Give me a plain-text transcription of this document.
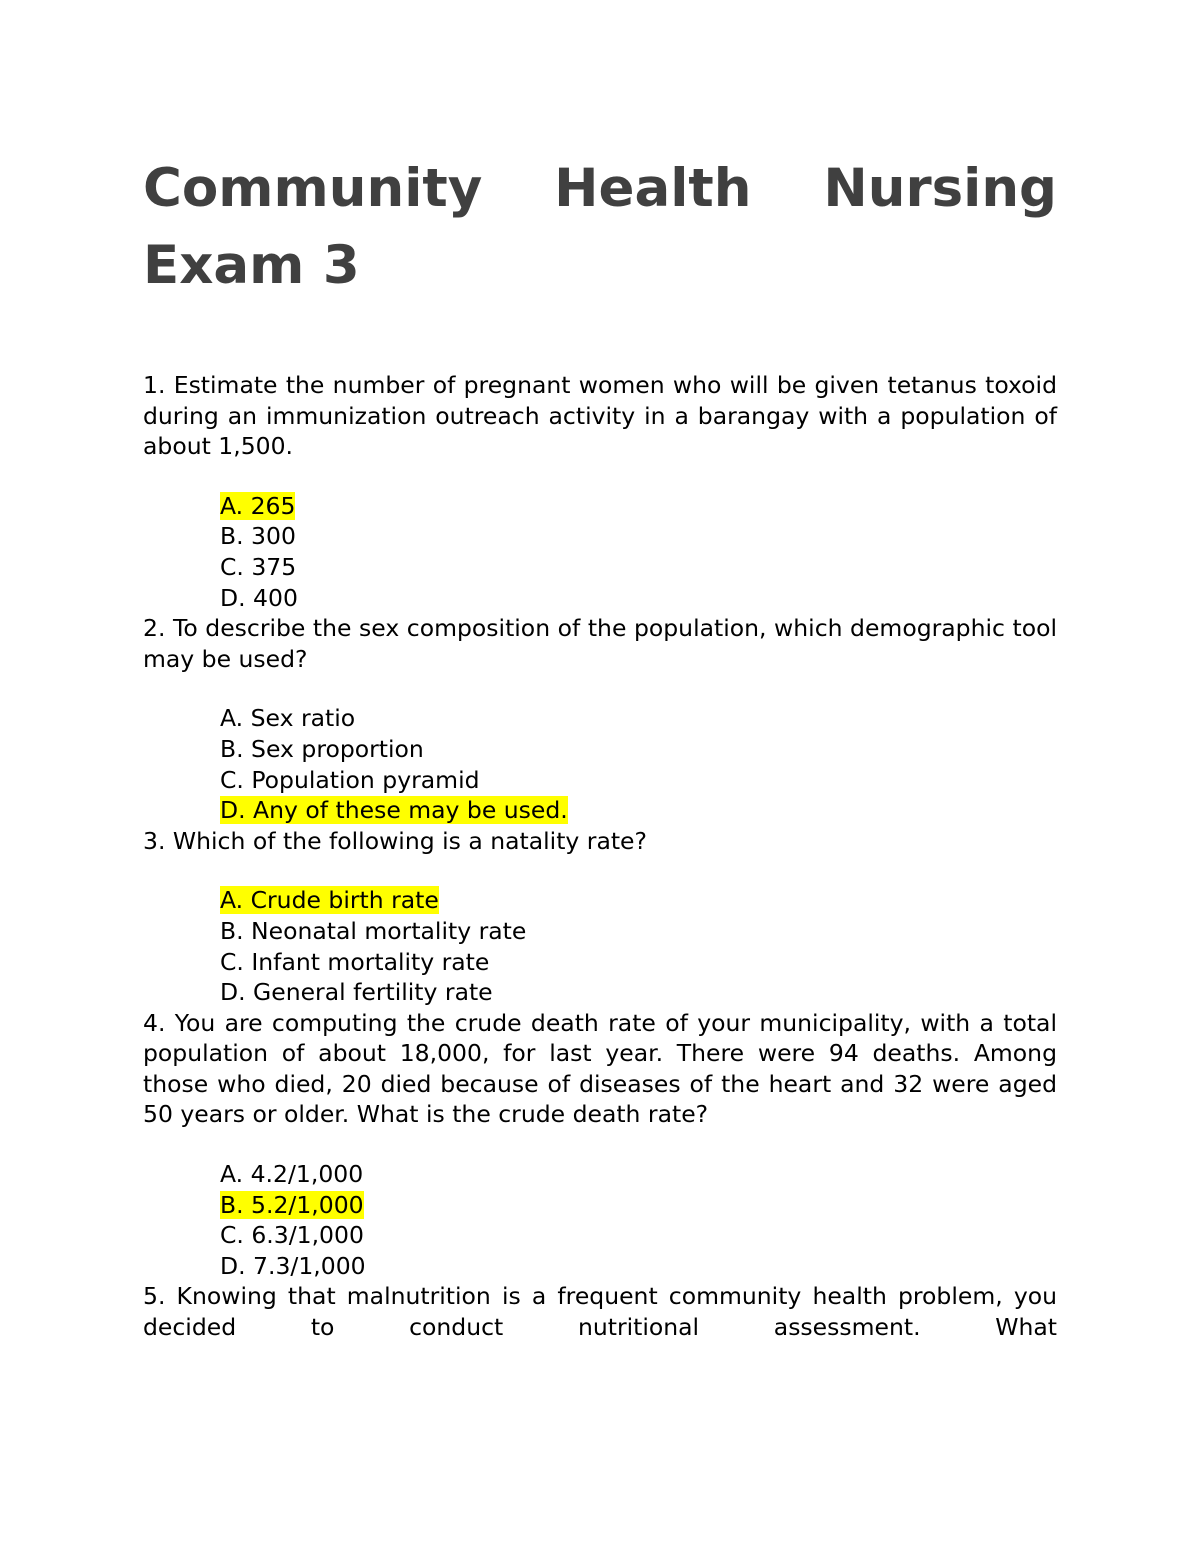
Community Health Nursing
Exam 3

1. Estimate the number of pregnant women who will be given tetanus toxoid during an immunization outreach activity in a barangay with a population of about 1,500.

A. 265
B. 300
C. 375
D. 400

2. To describe the sex composition of the population, which demographic tool may be used?

A. Sex ratio
B. Sex proportion
C. Population pyramid
D. Any of these may be used.

3. Which of the following is a natality rate?

A. Crude birth rate
B. Neonatal mortality rate
C. Infant mortality rate
D. General fertility rate

4. You are computing the crude death rate of your municipality, with a total population of about 18,000, for last year. There were 94 deaths. Among those who died, 20 died because of diseases of the heart and 32 were aged 50 years or older. What is the crude death rate?

A. 4.2/1,000
B. 5.2/1,000
C. 6.3/1,000
D. 7.3/1,000

5. Knowing that malnutrition is a frequent community health problem, you decided to conduct nutritional assessment. What
